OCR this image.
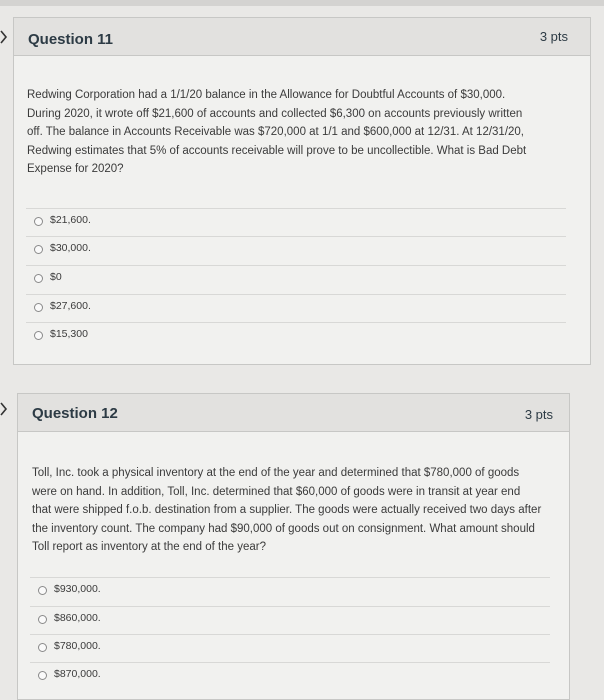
Question 11	3 pts
Redwing Corporation had a 1/1/20 balance in the Allowance for Doubtful Accounts of $30,000.
During 2020, it wrote off $21,600 of accounts and collected $6,300 on accounts previously written
off. The balance in Accounts Receivable was $720,000 at 1/1 and $600,000 at 12/31. At 12/31/20,
Redwing estimates that 5% of accounts receivable will prove to be uncollectible. What is Bad Debt
Expense for 2020?
$21,600.
$30,000.
$0
$27,600.
$15,300
Question 12	3 pts
Toll, Inc. took a physical inventory at the end of the year and determined that $780,000 of goods
were on hand. In addition, Toll, Inc. determined that $60,000 of goods were in transit at year end
that were shipped f.o.b. destination from a supplier. The goods were actually received two days after
the inventory count. The company had $90,000 of goods out on consignment. What amount should
Toll report as inventory at the end of the year?
$930,000.
$860,000.
$780,000.
$870,000.
